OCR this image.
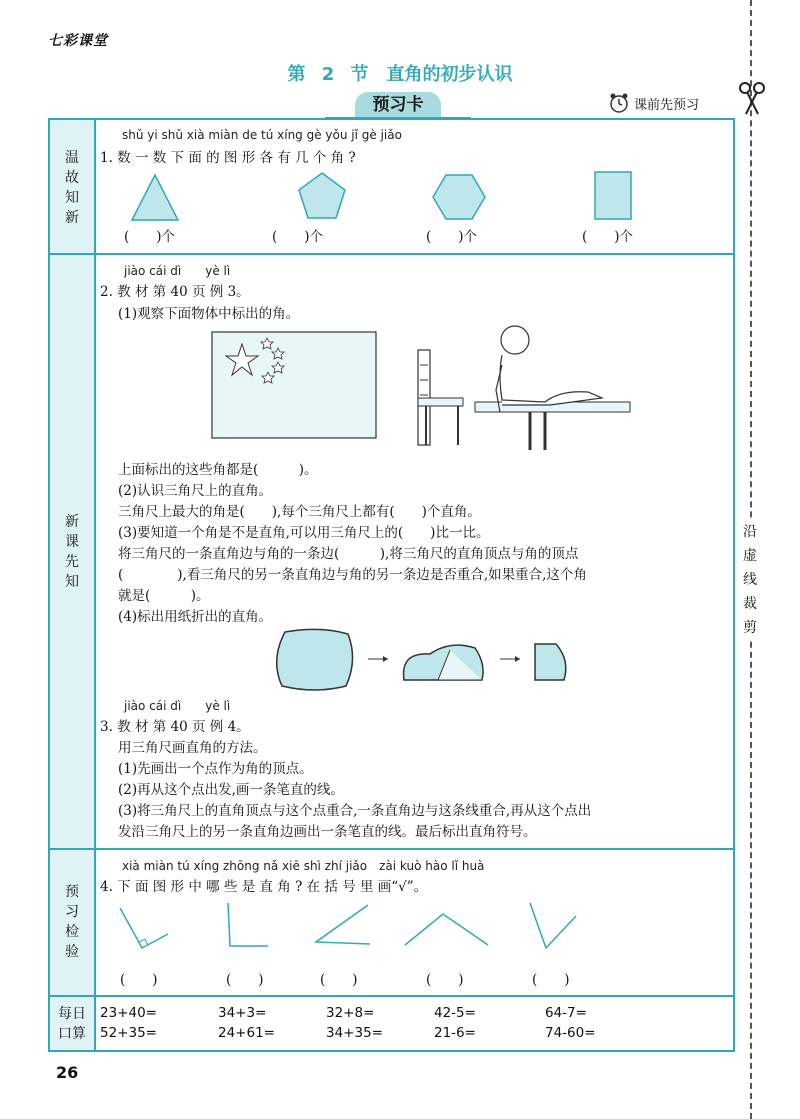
七彩课堂
第 2 节　直角的初步认识
预习卡	课前先预习
沿
虚
线
裁
剪
温
故
知
新
新
课
先
知
预
习
检
验
每日
口算
shǔ yi shǔ xià miàn de tú xíng gè yǒu jǐ gè jiǎo
1. 数 一 数 下 面 的 图 形 各 有 几 个 角 ?
(　　)个	(　　)个	(　　)个	(　　)个
jiào cái dì　　yè lì
2. 教 材 第 40 页 例 3。
(1)观察下面物体中标出的角。
上面标出的这些角都是(　　　)。
(2)认识三角尺上的直角。
三角尺上最大的角是(　　),每个三角尺上都有(　　)个直角。
(3)要知道一个角是不是直角,可以用三角尺上的(　　)比一比。
将三角尺的一条直角边与角的一条边(　　　),将三角尺的直角顶点与角的顶点
(　　　　),看三角尺的另一条直角边与角的另一条边是否重合,如果重合,这个角
就是(　　　)。
(4)标出用纸折出的直角。
jiào cái dì　　yè lì
3. 教 材 第 40 页 例 4。
用三角尺画直角的方法。
(1)先画出一个点作为角的顶点。
(2)再从这个点出发,画一条笔直的线。
(3)将三角尺上的直角顶点与这个点重合,一条直角边与这条线重合,再从这个点出
发沿三角尺上的另一条直角边画出一条笔直的线。最后标出直角符号。
xià miàn tú xíng zhōng nǎ xiē shì zhí jiǎo　zài kuò hào lǐ huà
4. 下 面 图 形 中 哪 些 是 直 角 ? 在 括 号 里 画“√”。
(　　)	(　　)	(　　)	(　　)	(　　)
23+40=	34+3=	32+8=	42-5=	64-7=
52+35=	24+61=	34+35=	21-6=	74-60=
26
